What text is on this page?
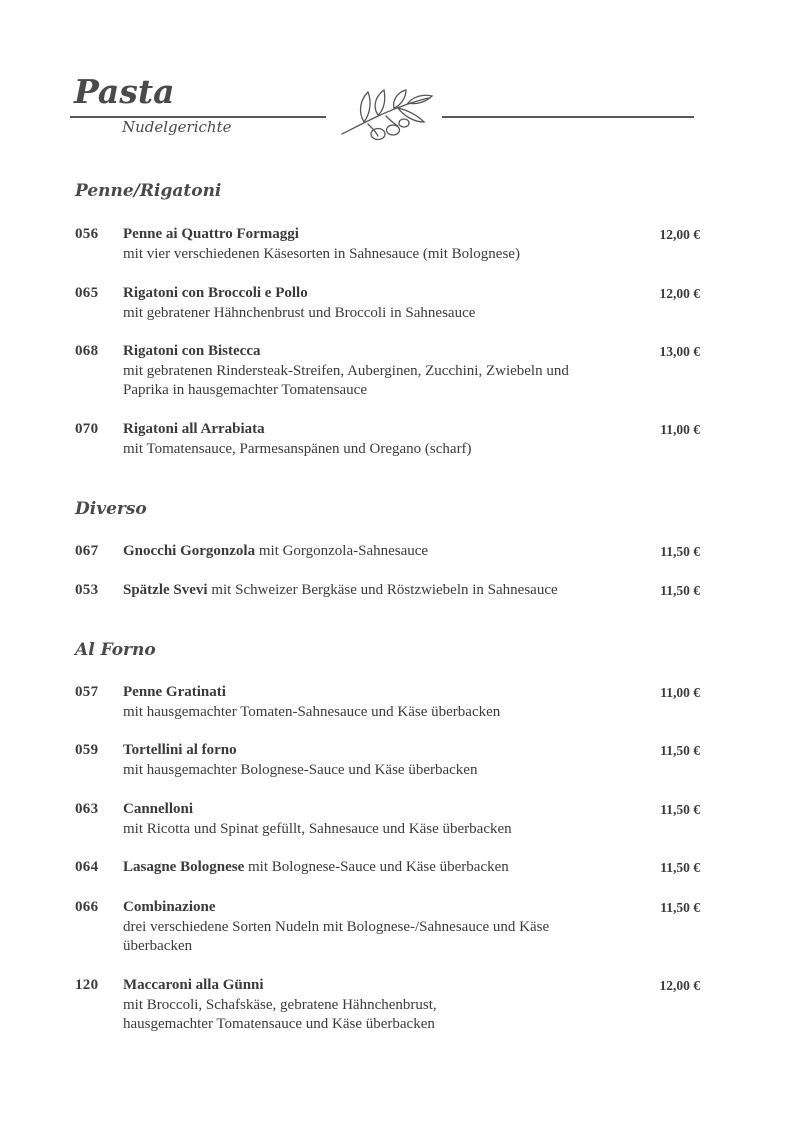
Pasta
Nudelgerichte
Penne/Rigatoni
056 Penne ai Quattro Formaggi
mit vier verschiedenen Käsesorten in Sahnesauce (mit Bolognese)
12,00 €
065 Rigatoni con Broccoli e Pollo
mit gebratener Hähnchenbrust und Broccoli in Sahnesauce
12,00 €
068 Rigatoni con Bistecca
mit gebratenen Rindersteak-Streifen, Auberginen, Zucchini, Zwiebeln und Paprika in hausgemachter Tomatensauce
13,00 €
070 Rigatoni all Arrabiata
mit Tomatensauce, Parmesanspänen und Oregano (scharf)
11,00 €
Diverso
067 Gnocchi Gorgonzola mit Gorgonzola-Sahnesauce	11,50 €
053 Spätzle Svevi mit Schweizer Bergkäse und Röstzwiebeln in Sahnesauce	11,50 €
Al Forno
057 Penne Gratinati
mit hausgemachter Tomaten-Sahnesauce und Käse überbacken
11,00 €
059 Tortellini al forno
mit hausgemachter Bolognese-Sauce und Käse überbacken
11,50 €
063 Cannelloni
mit Ricotta und Spinat gefüllt, Sahnesauce und Käse überbacken
11,50 €
064 Lasagne Bolognese mit Bolognese-Sauce und Käse überbacken	11,50 €
066 Combinazione
drei verschiedene Sorten Nudeln mit Bolognese-/Sahnesauce und Käse überbacken
11,50 €
120 Maccaroni alla Günni
mit Broccoli, Schafskäse, gebratene Hähnchenbrust, hausgemachter Tomatensauce und Käse überbacken
12,00 €
